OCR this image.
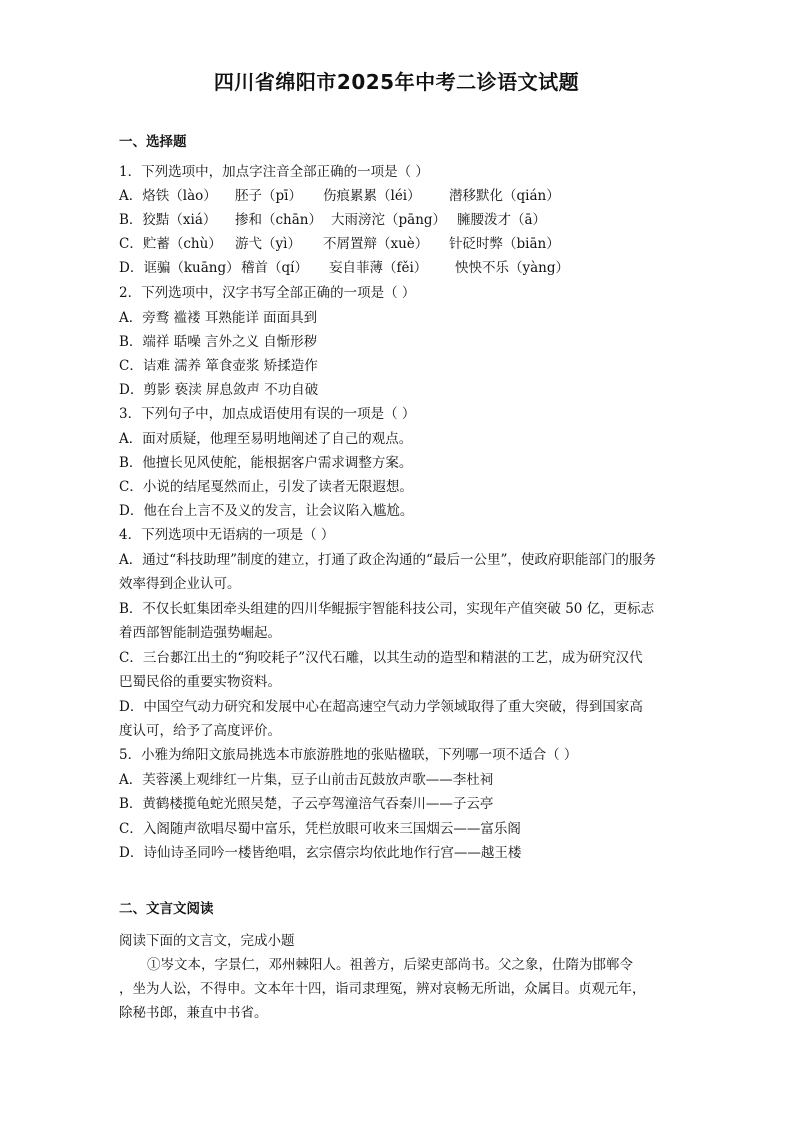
四川省绵阳市2025年中考二诊语文试题
一、选择题
1．下列选项中，加点字注音全部正确的一项是（ ）
A．烙铁（lào） 胚子（pī） 伤痕累累（léi） 潜移默化（qián）
B．狡黠（xiá） 掺和（chān） 大雨滂沱（pāng） 臃腰泼才（ā）
C．贮蓄（chù） 游弋（yì） 不屑置辩（xuè） 针砭时弊（biān）
D．诓骗（kuāng）稽首（qí） 妄自菲薄（fěi） 怏怏不乐（yàng）
2．下列选项中，汉字书写全部正确的一项是（ ）
A．旁鹜 褴褛 耳熟能详 面面具到
B．端祥 聒噪 言外之义 自惭形秽
C．诘难 濡养 箪食壶浆 矫揉造作
D．剪影 亵渎 屏息敛声 不功自破
3．下列句子中，加点成语使用有误的一项是（ ）
A．面对质疑，他理至易明地阐述了自己的观点。
B．他擅长见风使舵，能根据客户需求调整方案。
C．小说的结尾戛然而止，引发了读者无限遐想。
D．他在台上言不及义的发言，让会议陷入尴尬。
4．下列选项中无语病的一项是（ ）
A．通过“科技助理”制度的建立，打通了政企沟通的“最后一公里”，使政府职能部门的服务
效率得到企业认可。
B．不仅长虹集团牵头组建的四川华鲲振宇智能科技公司，实现年产值突破 50 亿，更标志
着西部智能制造强势崛起。
C．三台郪江出土的“狗咬耗子”汉代石雕，以其生动的造型和精湛的工艺，成为研究汉代
巴蜀民俗的重要实物资料。
D．中国空气动力研究和发展中心在超高速空气动力学领域取得了重大突破，得到国家高
度认可，给予了高度评价。
5．小雅为绵阳文旅局挑选本市旅游胜地的张贴楹联，下列哪一项不适合（ ）
A．芙蓉溪上观绯红一片集，豆子山前击瓦鼓放声歌——李杜祠
B．黄鹤楼揽龟蛇光照吴楚，子云亭驾潼涪气吞秦川——子云亭
C．入阁随声欲唱尽蜀中富乐，凭栏放眼可收来三国烟云——富乐阁
D．诗仙诗圣同吟一楼皆绝唱，玄宗僖宗均依此地作行宫——越王楼
二、文言文阅读
阅读下面的文言文，完成小题
①岑文本，字景仁，邓州棘阳人。祖善方，后梁吏部尚书。父之象，仕隋为邯郸令
，坐为人讼，不得申。文本年十四，诣司隶理冤，辨对哀畅无所诎，众属目。贞观元年，
除秘书郎，兼直中书省。
